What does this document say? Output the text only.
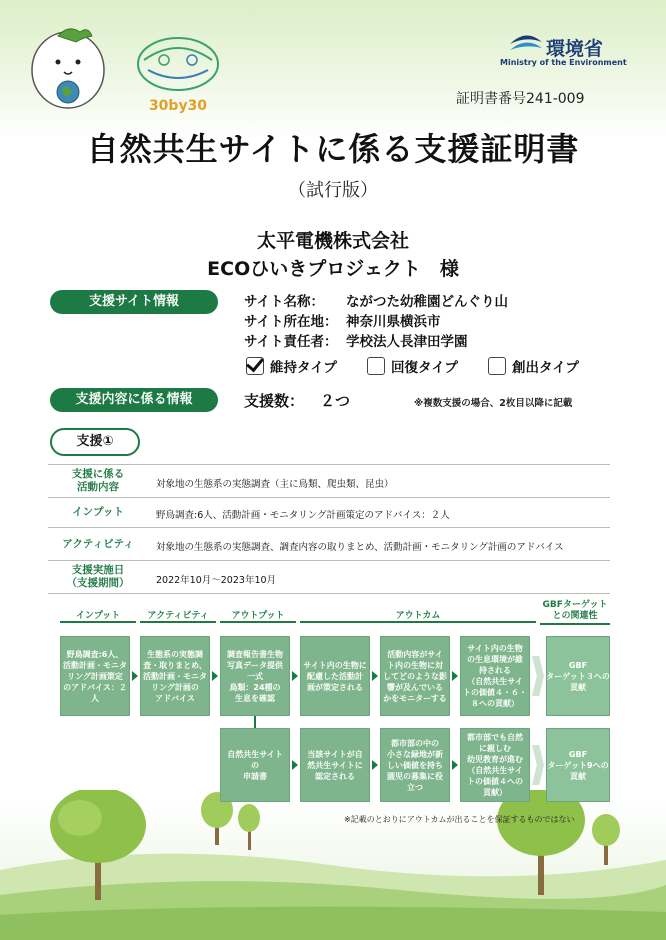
30by30
環境省
Ministry of the Environment
証明書番号241-009
自然共生サイトに係る支援証明書
（試行版）
太平電機株式会社
ECOひいきプロジェクト　様
支援サイト情報	サイト名称： ながつた幼稚園どんぐり山
サイト所在地： 神奈川県横浜市
サイト責任者： 学校法人長津田学園
維持タイプ	回復タイプ	創出タイプ
支援内容に係る情報	支援数： ２つ	※複数支援の場合、2枚目以降に記載
支援①
支援に係る
活動内容	対象地の生態系の実態調査（主に鳥類、爬虫類、昆虫）
インプット	野鳥調査:6人、活動計画・モニタリング計画策定のアドバイス：２人
アクティビティ	対象地の生態系の実態調査、調査内容の取りまとめ、活動計画・モニタリング計画のアドバイス
支援実施日
（支援期間）	2022年10月～2023年10月
インプット	アクティビティ	アウトプット	アウトカム
GBFターゲット
との関連性
野鳥調査:6人、
活動計画・モニタ
リング計画策定
のアドバイス：２
人
生態系の実態調
査・取りまとめ、
活動計画・モニタ
リング計画の
アドバイス
調査報告書生物
写真データ提供
一式
鳥類：24種の
生息を確認
サイト内の生物に
配慮した活動計
画が策定される
活動内容がサイ
ト内の生物に対
してどのような影
響が及んでいる
かをモニターする
サイト内の生物
の生息環境が維
持される
（自然共生サイ
トの価値４・６・
８への貢献）
GBF
ターゲット３への
貢献
自然共生サイト
の
申請書
当該サイトが自
然共生サイトに
認定される
都市部の中の
小さな緑地が新
しい価値を持ち
園児の募集に役
立つ
都市部でも自然
に親しむ
幼児教育が進む
（自然共生サイ
トの価値４への
貢献）
GBF
ターゲット9への
貢献
※記載のとおりにアウトカムが出ることを保証するものではない
